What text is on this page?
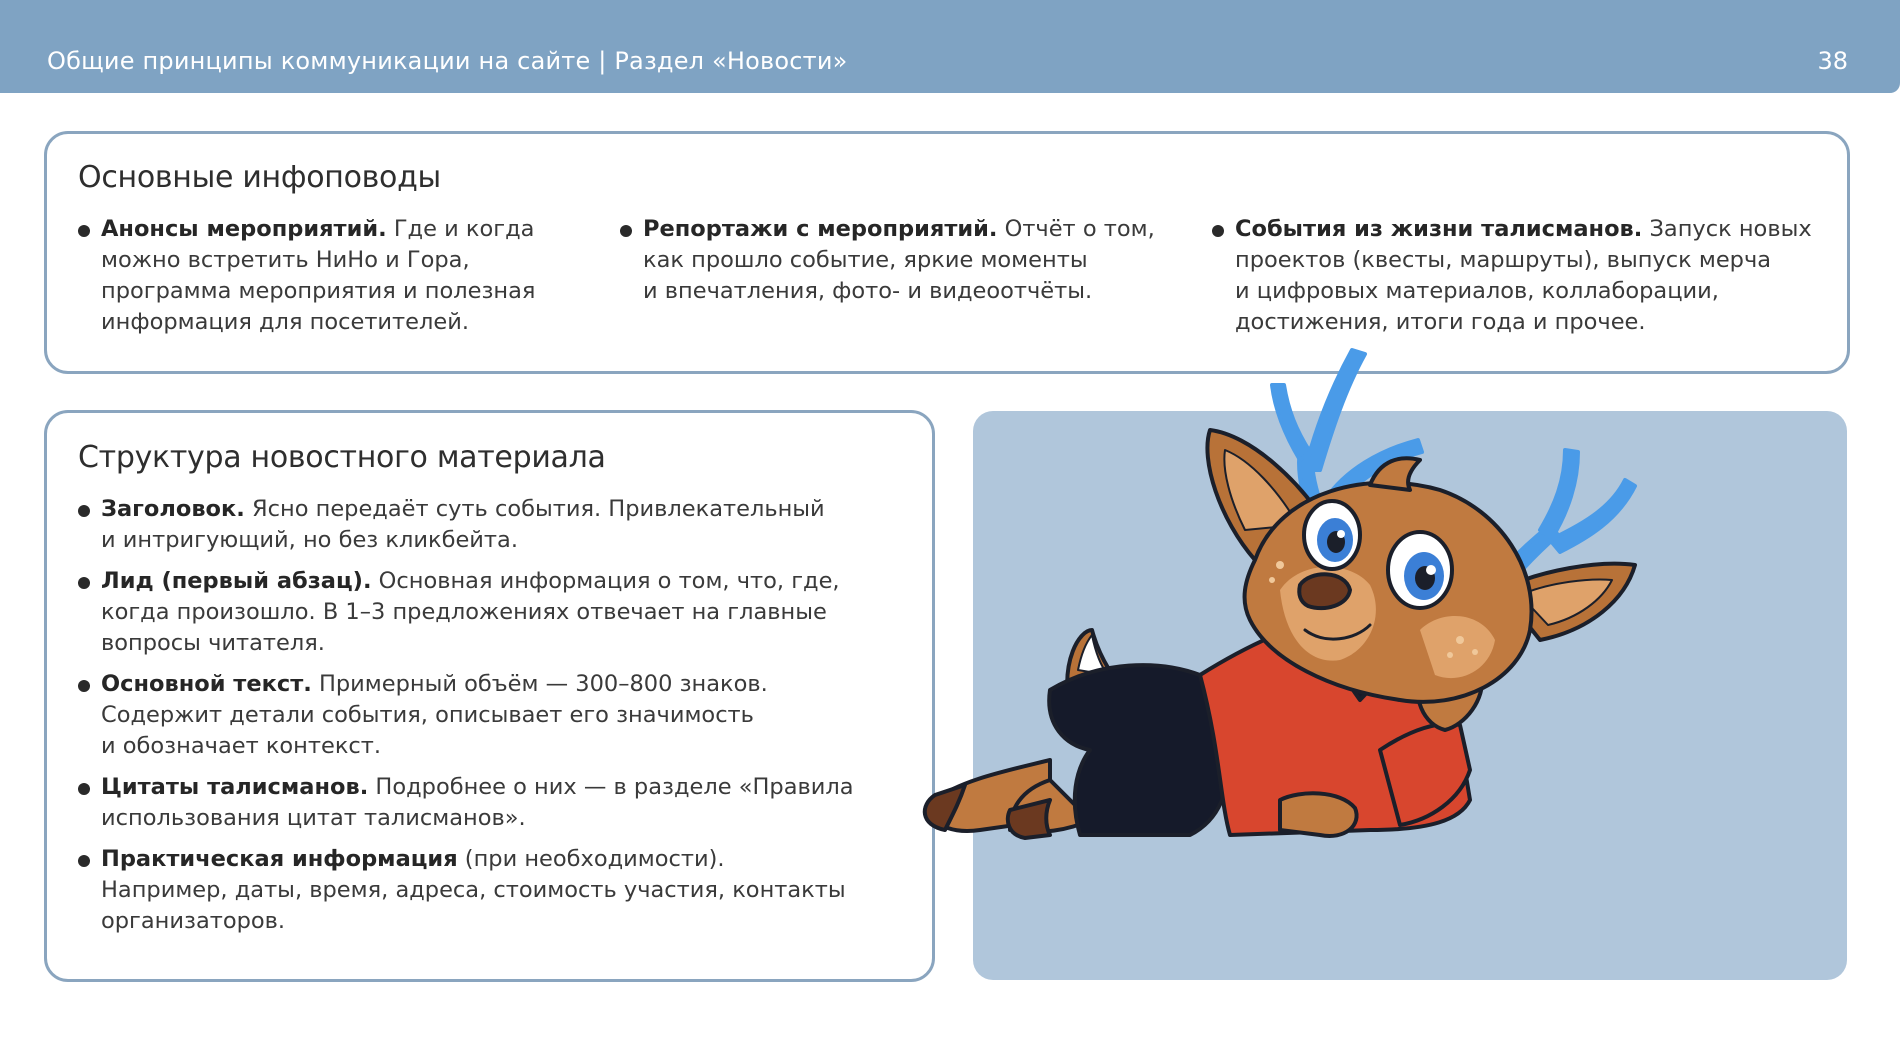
Общие принципы коммуникации на сайте | Раздел «Новости»	38
Основные инфоповоды
Анонсы мероприятий. Где и когда
можно встретить НиНо и Гора,
программа мероприятия и полезная
информация для посетителей.
Репортажи с мероприятий. Отчёт о том,
как прошло событие, яркие моменты
и впечатления, фото- и видеоотчёты.
События из жизни талисманов. Запуск новых
проектов (квесты, маршруты), выпуск мерча
и цифровых материалов, коллаборации,
достижения, итоги года и прочее.
Структура новостного материала
Заголовок. Ясно передаёт суть события. Привлекательный
и интригующий, но без кликбейта.
Лид (первый абзац). Основная информация о том, что, где,
когда произошло. В 1–3 предложениях отвечает на главные
вопросы читателя.
Основной текст. Примерный объём — 300–800 знаков.
Содержит детали события, описывает его значимость
и обозначает контекст.
Цитаты талисманов. Подробнее о них — в разделе «Правила
использования цитат талисманов».
Практическая информация (при необходимости).
Например, даты, время, адреса, стоимость участия, контакты
организаторов.
